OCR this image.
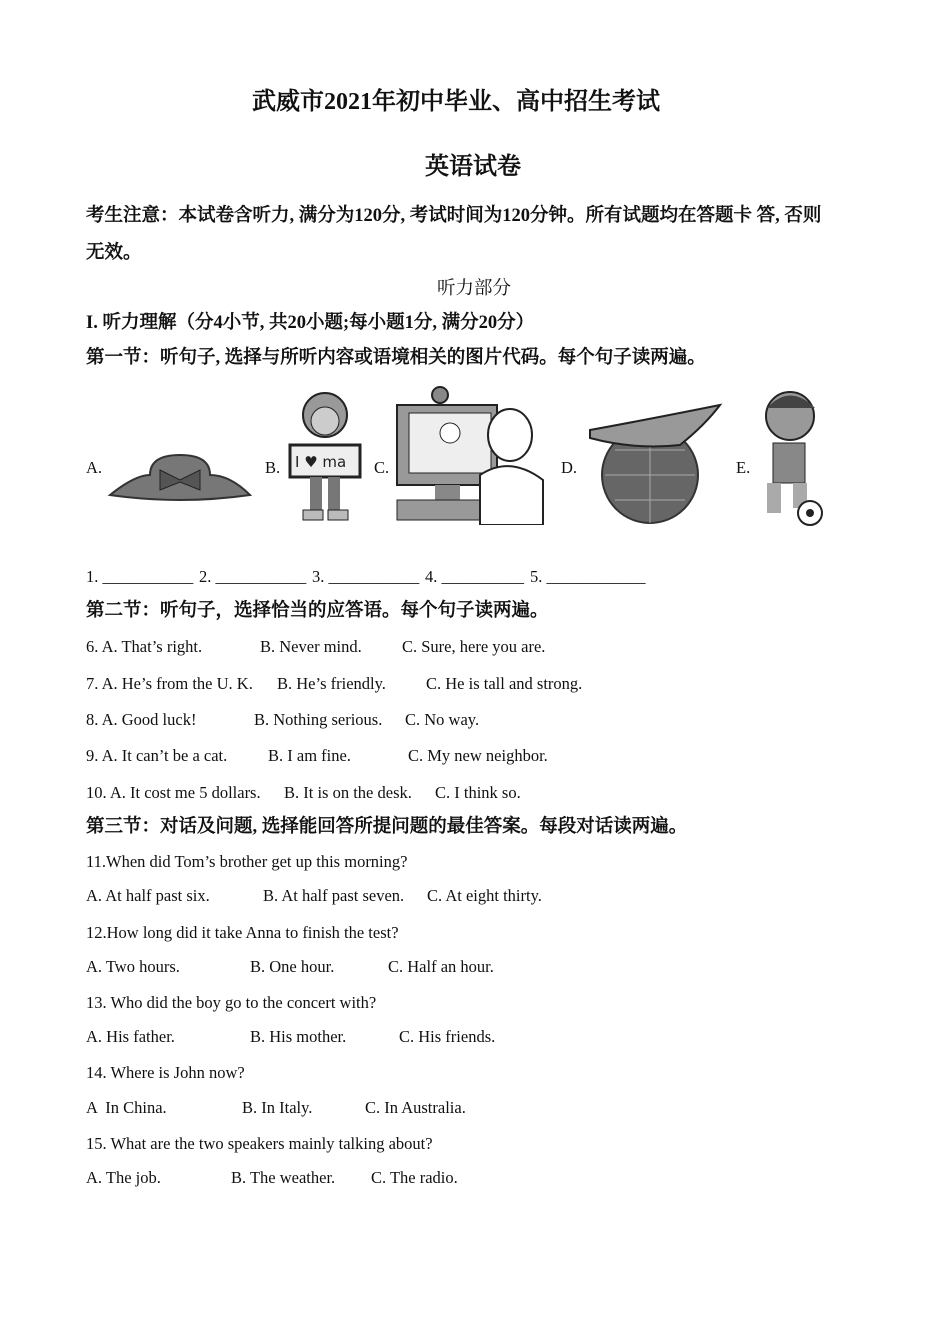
武威市2021年初中毕业、高中招生考试
英语试卷
考生注意：本试卷含听力, 满分为120分, 考试时间为120分钟。所有试题均在答题卡 答, 否则
无效。
听力部分
I. 听力理解（分4小节, 共20小题;每小题1分, 满分20分）
第一节：听句子, 选择与所听内容或语境相关的图片代码。每个句子读两遍。
A.	B. I ♥ ma C.	D.	E.
1. ___________ 2. ___________ 3. ___________ 4. __________ 5. ____________
第二节：听句子，选择恰当的应答语。每个句子读两遍。
6. A. That’s right.	B. Never mind. C. Sure, here you are.
7. A. He’s from the U. K. B. He’s friendly. C. He is tall and strong.
8. A. Good luck!	B. Nothing serious. C. No way.
9. A. It can’t be a cat. B. I am fine.	C. My new neighbor.
10. A. It cost me 5 dollars. B. It is on the desk. C. I think so.
第三节：对话及问题, 选择能回答所提问题的最佳答案。每段对话读两遍。
11.When did Tom’s brother get up this morning?
A. At half past six.	B. At half past seven. C. At eight thirty.
12.How long did it take Anna to finish the test?
A. Two hours.	B. One hour.	C. Half an hour.
13. Who did the boy go to the concert with?
A. His father.	B. His mother.	C. His friends.
14. Where is John now?
A  In China.	B. In Italy.	C. In Australia.
15. What are the two speakers mainly talking about?
A. The job.	B. The weather. C. The radio.
